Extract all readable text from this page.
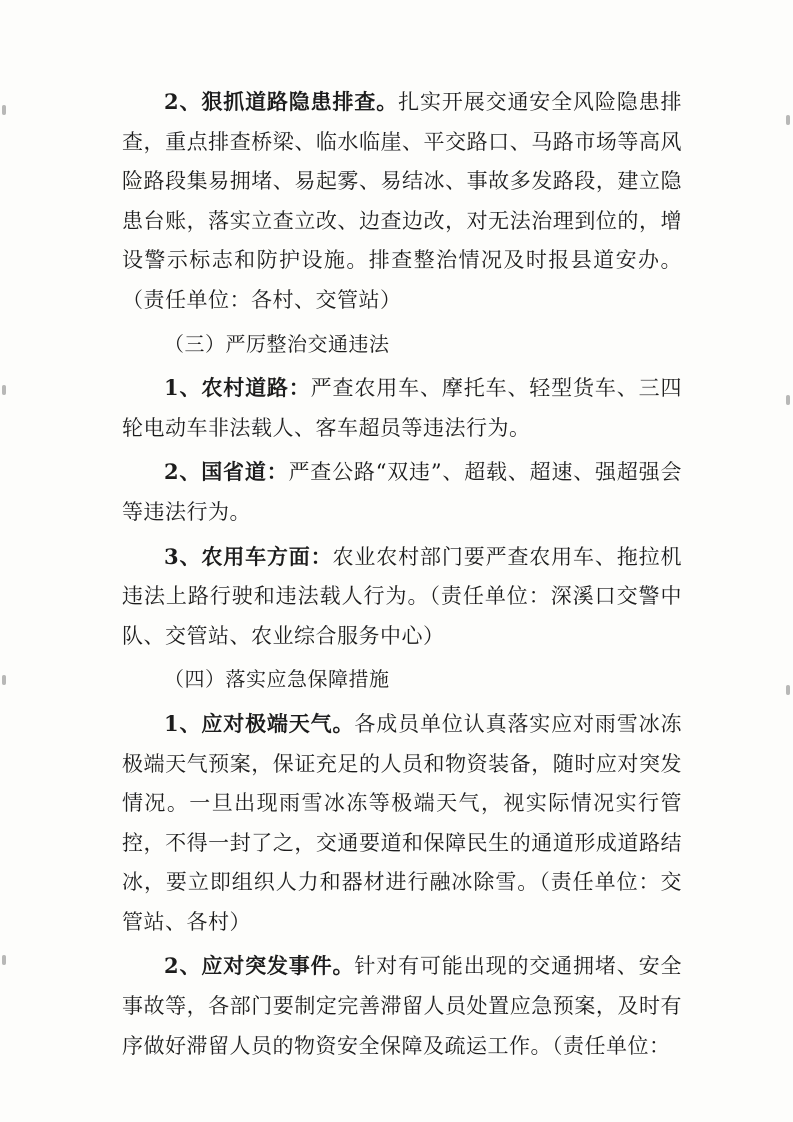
2、狠抓道路隐患排查。扎实开展交通安全风险隐患排查，重点排查桥梁、临水临崖、平交路口、马路市场等高风险路段集易拥堵、易起雾、易结冰、事故多发路段，建立隐患台账，落实立查立改、边查边改，对无法治理到位的，增设警示标志和防护设施。排查整治情况及时报县道安办。（责任单位：各村、交管站）

（三）严厉整治交通违法

1、农村道路：严查农用车、摩托车、轻型货车、三四轮电动车非法载人、客车超员等违法行为。

2、国省道：严查公路“双违”、超载、超速、强超强会等违法行为。

3、农用车方面：农业农村部门要严查农用车、拖拉机违法上路行驶和违法载人行为。（责任单位：深溪口交警中队、交管站、农业综合服务中心）

（四）落实应急保障措施

1、应对极端天气。各成员单位认真落实应对雨雪冰冻极端天气预案，保证充足的人员和物资装备，随时应对突发情况。一旦出现雨雪冰冻等极端天气，视实际情况实行管控，不得一封了之，交通要道和保障民生的通道形成道路结冰，要立即组织人力和器材进行融冰除雪。（责任单位：交管站、各村）

2、应对突发事件。针对有可能出现的交通拥堵、安全事故等，各部门要制定完善滞留人员处置应急预案，及时有序做好滞留人员的物资安全保障及疏运工作。（责任单位：
